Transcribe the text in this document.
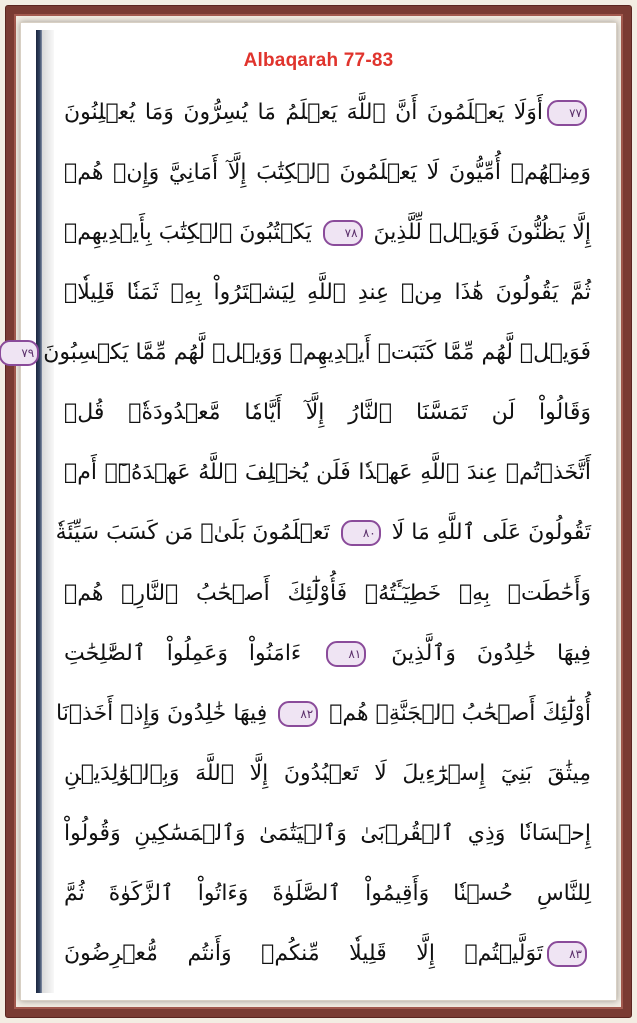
Albaqarah 77-83
٧٧أَوَلَا يَعۡلَمُونَ أَنَّ ٱللَّهَ يَعۡلَمُ مَا يُسِرُّونَ وَمَا يُعۡلِنُونَ
وَمِنۡهُمۡ أُمِّيُّونَ لَا يَعۡلَمُونَ ٱلۡكِتَٰبَ إِلَّآ أَمَانِيَّ وَإِنۡ هُمۡ
إِلَّا يَظُنُّونَ فَوَيۡلٞ لِّلَّذِينَ ٧٨ يَكۡتُبُونَ ٱلۡكِتَٰبَ بِأَيۡدِيهِمۡ
ثُمَّ يَقُولُونَ هَٰذَا مِنۡ عِندِ ٱللَّهِ لِيَشۡتَرُواْ بِهِۦ ثَمَنٗا قَلِيلٗاۖ
فَوَيۡلٞ لَّهُم مِّمَّا كَتَبَتۡ أَيۡدِيهِمۡ وَوَيۡلٞ لَّهُم مِّمَّا يَكۡسِبُونَ٧٩
وَقَالُواْ لَن تَمَسَّنَا ٱلنَّارُ إِلَّآ أَيَّامٗا مَّعۡدُودَةٗۚ قُلۡ
أَتَّخَذۡتُمۡ عِندَ ٱللَّهِ عَهۡدٗا فَلَن يُخۡلِفَ ٱللَّهُ عَهۡدَهُۥٓۖ أَمۡ
تَقُولُونَ عَلَى ٱللَّهِ مَا لَا ٨٠ تَعۡلَمُونَ بَلَىٰۚ مَن كَسَبَ سَيِّئَةٗ
وَأَحَٰطَتۡ بِهِۦ خَطِيٓـَٔتُهُۥ فَأُوْلَٰٓئِكَ أَصۡحَٰبُ ٱلنَّارِۖ هُمۡ
فِيهَا خَٰلِدُونَ وَٱلَّذِينَ ٨١ ءَامَنُواْ وَعَمِلُواْ ٱلصَّٰلِحَٰتِ
أُوْلَٰٓئِكَ أَصۡحَٰبُ ٱلۡجَنَّةِۖ هُمۡ ٨٢ فِيهَا خَٰلِدُونَ وَإِذۡ أَخَذۡنَا
مِيثَٰقَ بَنِيٓ إِسۡرَٰٓءِيلَ لَا تَعۡبُدُونَ إِلَّا ٱللَّهَ وَبِٱلۡوَٰلِدَيۡنِ
إِحۡسَانٗا وَذِي ٱلۡقُرۡبَىٰ وَٱلۡيَتَٰمَىٰ وَٱلۡمَسَٰكِينِ وَقُولُواْ
لِلنَّاسِ حُسۡنٗا وَأَقِيمُواْ ٱلصَّلَوٰةَ وَءَاتُواْ ٱلزَّكَوٰةَ ثُمَّ
٨٣تَوَلَّيۡتُمۡ إِلَّا قَلِيلٗا مِّنكُمۡ وَأَنتُم مُّعۡرِضُونَ
